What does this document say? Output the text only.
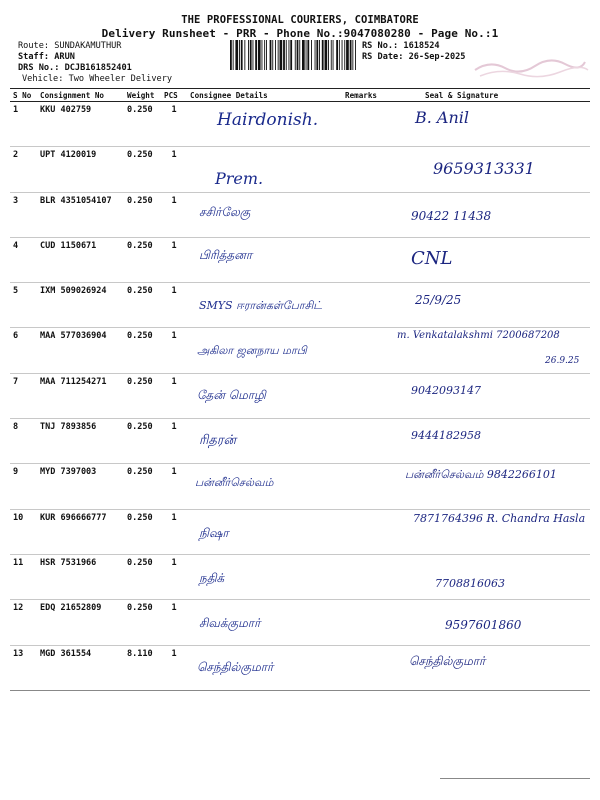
THE PROFESSIONAL COURIERS, COIMBATORE
Delivery Runsheet - PRR - Phone No.:9047080280 - Page No.:1
Route: SUNDAKAMUTHUR
Staff: ARUN
DRS No.: DCJB161852401
Vehicle: Two Wheeler Delivery
RS No.: 1618524
RS Date: 26-Sep-2025
S No	Consignment No	Weight	PCS	Consignee Details	Remarks	Seal & Signature
1	KKU 402759	0.250	1	Hairdonish.		B. Anil

2	UPT 4120019	0.250	1	Prem.		9659313331

3	BLR 4351054107	0.250	1	சசிர்லேகு		90422 11438

4	CUD 1150671	0.250	1	பிரித்தனா		CNL

5	IXM 509026924	0.250	1	SMYS ஈரான்கள்போசிட்		25/9/25

6	MAA 577036904	0.250	1	அகிலா ஜனநாய மாபி		m. Venkatalakshmi 7200687208
26.9.25

7	MAA 711254271	0.250	1	தேன் மொழி		9042093147

8	TNJ 7893856	0.250	1	ரிதரன்		9444182958

9	MYD 7397003	0.250	1	பன்னீர்செல்வம்		பன்னீர்செல்வம் 9842266101

10	KUR 696666777	0.250	1	நிஷா		7871764396 R. Chandra Hasla

11	HSR 7531966	0.250	1	நதிக்		7708816063

12	EDQ 21652809	0.250	1	சிவக்குமார்		9597601860

13	MGD 361554	8.110	1	செந்தில்குமார்		செந்தில்குமார்
